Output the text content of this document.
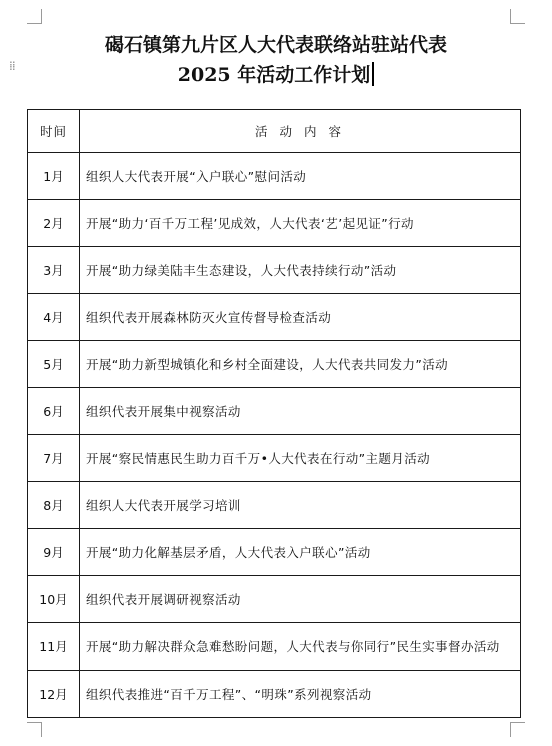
⁞⁞
碣石镇第九片区人大代表联络站驻站代表
2025 年活动工作计划
时间	活 动 内 容
1月	组织人大代表开展“入户联心”慰问活动
2月	开展“助力‘百千万工程’见成效，人大代表‘艺’起见证”行动
3月	开展“助力绿美陆丰生态建设，人大代表持续行动”活动
4月	组织代表开展森林防灭火宣传督导检查活动
5月	开展“助力新型城镇化和乡村全面建设，人大代表共同发力”活动
6月	组织代表开展集中视察活动
7月	开展“察民情惠民生助力百千万•人大代表在行动”主题月活动
8月	组织人大代表开展学习培训
9月	开展“助力化解基层矛盾，人大代表入户联心”活动
10月	组织代表开展调研视察活动
11月	开展“助力解决群众急难愁盼问题，人大代表与你同行”民生实事督办活动
12月	组织代表推进“百千万工程”、“明珠”系列视察活动
